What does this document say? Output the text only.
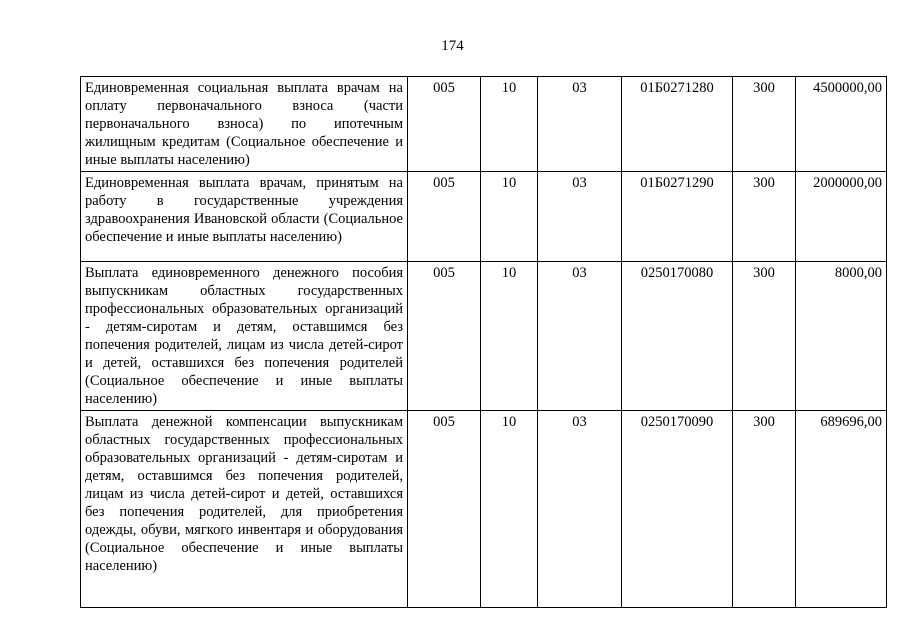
174
Единовременная социальная выплата врачам на оплату первоначального взноса (части первоначального взноса) по ипотечным жилищным кредитам (Социальное обеспечение и иные выплаты населению)	005	10	03	01Б0271280	300	4500000,00
Единовременная выплата врачам, принятым на работу в государственные учреждения здравоохранения Ивановской области (Социальное обеспечение и иные выплаты населению)	005	10	03	01Б0271290	300	2000000,00
Выплата единовременного денежного пособия выпускникам областных государственных профессиональных образовательных организаций - детям-сиротам и детям, оставшимся без попечения родителей, лицам из числа детей-сирот и детей, оставшихся без попечения родителей (Социальное обеспечение и иные выплаты населению)	005	10	03	0250170080	300	8000,00
Выплата денежной компенсации выпускникам областных государственных профессиональных образовательных организаций - детям-сиротам и детям, оставшимся без попечения родителей, лицам из числа детей-сирот и детей, оставшихся без попечения родителей, для приобретения одежды, обуви, мягкого инвентаря и оборудования (Социальное обеспечение и иные выплаты населению)	005	10	03	0250170090	300	689696,00
